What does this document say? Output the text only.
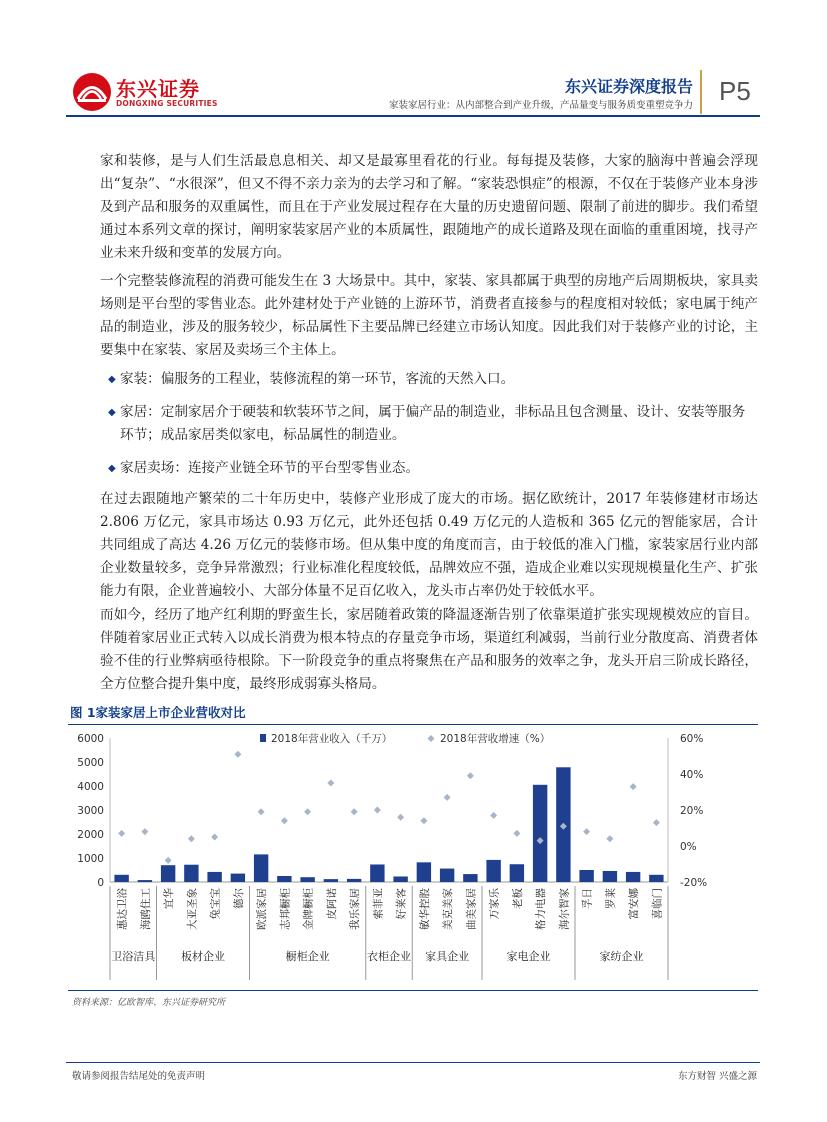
东兴证券
DONGXING SECURITIES
东兴证券深度报告
家装家居行业：从内部整合到产业升级，产品量变与服务质变重塑竞争力 P5
家和装修，是与人们生活最息息相关、却又是最寡里看花的行业。每每提及装修，大家的脑海中普遍会浮现出“复杂”、“水很深”，但又不得不亲力亲为的去学习和了解。“家装恐惧症”的根源，不仅在于装修产业本身涉及到产品和服务的双重属性，而且在于产业发展过程存在大量的历史遗留问题、限制了前进的脚步。我们希望通过本系列文章的探讨，阐明家装家居产业的本质属性，跟随地产的成长道路及现在面临的重重困境，找寻产业未来升级和变革的发展方向。
一个完整装修流程的消费可能发生在 3 大场景中。其中，家装、家具都属于典型的房地产后周期板块，家具卖场则是平台型的零售业态。此外建材处于产业链的上游环节，消费者直接参与的程度相对较低；家电属于纯产品的制造业，涉及的服务较少，标品属性下主要品牌已经建立市场认知度。因此我们对于装修产业的讨论，主要集中在家装、家居及卖场三个主体上。
◆ 家装：偏服务的工程业，装修流程的第一环节，客流的天然入口。
◆ 家居：定制家居介于硬装和软装环节之间，属于偏产品的制造业，非标品且包含测量、设计、安装等服务环节；成品家居类似家电，标品属性的制造业。
◆ 家居卖场：连接产业链全环节的平台型零售业态。
在过去跟随地产繁荣的二十年历史中，装修产业形成了庞大的市场。据亿欧统计，2017 年装修建材市场达 2.806 万亿元，家具市场达 0.93 万亿元，此外还包括 0.49 万亿元的人造板和 365 亿元的智能家居，合计共同组成了高达 4.26 万亿元的装修市场。但从集中度的角度而言，由于较低的准入门槛，家装家居行业内部企业数量较多，竞争异常激烈；行业标准化程度较低，品牌效应不强，造成企业难以实现规模量化生产、扩张能力有限，企业普遍较小、大部分体量不足百亿收入，龙头市占率仍处于较低水平。
而如今，经历了地产红利期的野蛮生长，家居随着政策的降温逐渐告别了依靠渠道扩张实现规模效应的盲目。伴随着家居业正式转入以成长消费为根本特点的存量竞争市场，渠道红利减弱，当前行业分散度高、消费者体验不佳的行业弊病亟待根除。下一阶段竞争的重点将聚焦在产品和服务的效率之争，龙头开启三阶成长路径，全方位整合提升集中度，最终形成弱寡头格局。
图 1家装家居上市企业营收对比
6000
5000
4000
3000
2000
1000
0
60%
40%
20%
0%
-20%
惠达卫浴 海鸥住工 宜华 大亚圣象 兔宝宝 德尔 欧派家居 志邦橱柜 金牌橱柜 皮阿诺 我乐家居 索菲亚 好莱客 敏华控股 美克美家 曲美家居 万家乐 老板 格力电器 海尔智家 孚日 罗莱 富安娜 喜临门
卫浴洁具 板材企业	橱柜企业	衣柜企业 家具企业	家电企业	家纺企业
2018年营业收入（千万）	2018年营收增速（%）
资料来源：亿欧智库、东兴证券研究所
敬请参阅报告结尾处的免责声明	东方财智 兴盛之源
